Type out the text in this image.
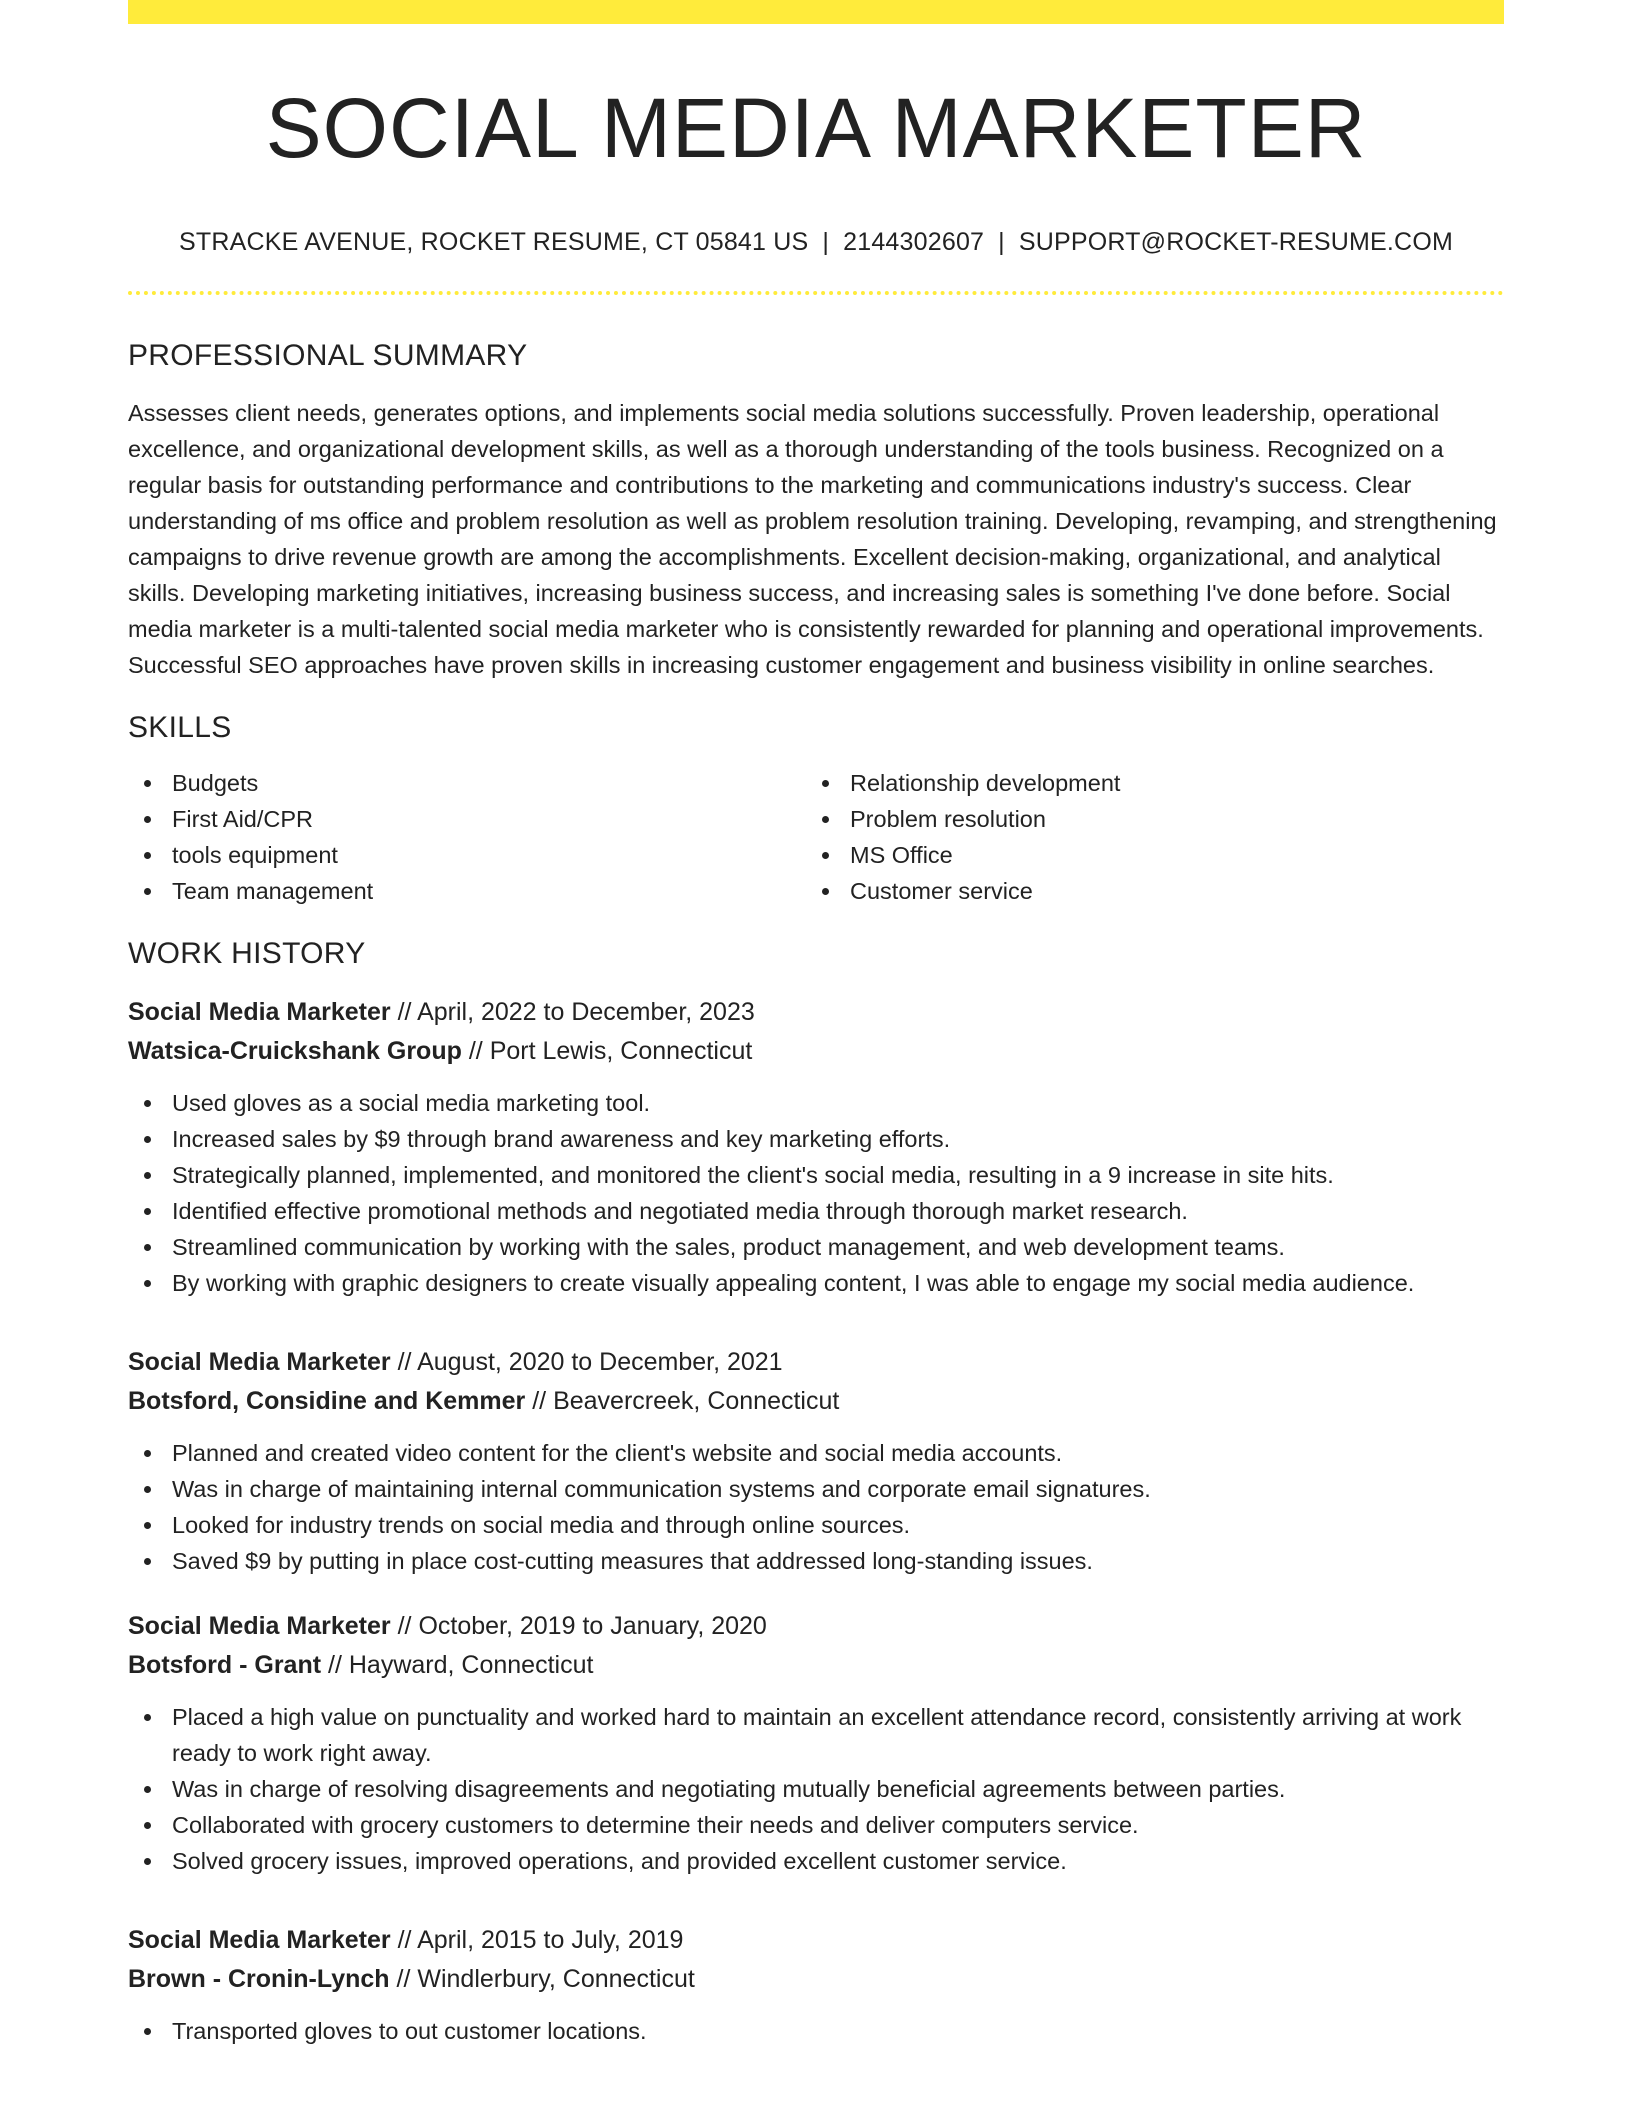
SOCIAL MEDIA MARKETER
STRACKE AVENUE, ROCKET RESUME, CT 05841 US | 2144302607 | SUPPORT@ROCKET-RESUME.COM
PROFESSIONAL SUMMARY
Assesses client needs, generates options, and implements social media solutions successfully. Proven leadership, operational excellence, and organizational development skills, as well as a thorough understanding of the tools business. Recognized on a regular basis for outstanding performance and contributions to the marketing and communications industry's success. Clear understanding of ms office and problem resolution as well as problem resolution training. Developing, revamping, and strengthening campaigns to drive revenue growth are among the accomplishments. Excellent decision-making, organizational, and analytical skills. Developing marketing initiatives, increasing business success, and increasing sales is something I've done before. Social media marketer is a multi-talented social media marketer who is consistently rewarded for planning and operational improvements. Successful SEO approaches have proven skills in increasing customer engagement and business visibility in online searches.
SKILLS
Budgets
First Aid/CPR
tools equipment
Team management
Relationship development
Problem resolution
MS Office
Customer service
WORK HISTORY
Social Media Marketer // April, 2022 to December, 2023
Watsica-Cruickshank Group // Port Lewis, Connecticut
Used gloves as a social media marketing tool.
Increased sales by $9 through brand awareness and key marketing efforts.
Strategically planned, implemented, and monitored the client's social media, resulting in a 9 increase in site hits.
Identified effective promotional methods and negotiated media through thorough market research.
Streamlined communication by working with the sales, product management, and web development teams.
By working with graphic designers to create visually appealing content, I was able to engage my social media audience.
Social Media Marketer // August, 2020 to December, 2021
Botsford, Considine and Kemmer // Beavercreek, Connecticut
Planned and created video content for the client's website and social media accounts.
Was in charge of maintaining internal communication systems and corporate email signatures.
Looked for industry trends on social media and through online sources.
Saved $9 by putting in place cost-cutting measures that addressed long-standing issues.
Social Media Marketer // October, 2019 to January, 2020
Botsford - Grant // Hayward, Connecticut
Placed a high value on punctuality and worked hard to maintain an excellent attendance record, consistently arriving at work ready to work right away.
Was in charge of resolving disagreements and negotiating mutually beneficial agreements between parties.
Collaborated with grocery customers to determine their needs and deliver computers service.
Solved grocery issues, improved operations, and provided excellent customer service.
Social Media Marketer // April, 2015 to July, 2019
Brown - Cronin-Lynch // Windlerbury, Connecticut
Transported gloves to out customer locations.
